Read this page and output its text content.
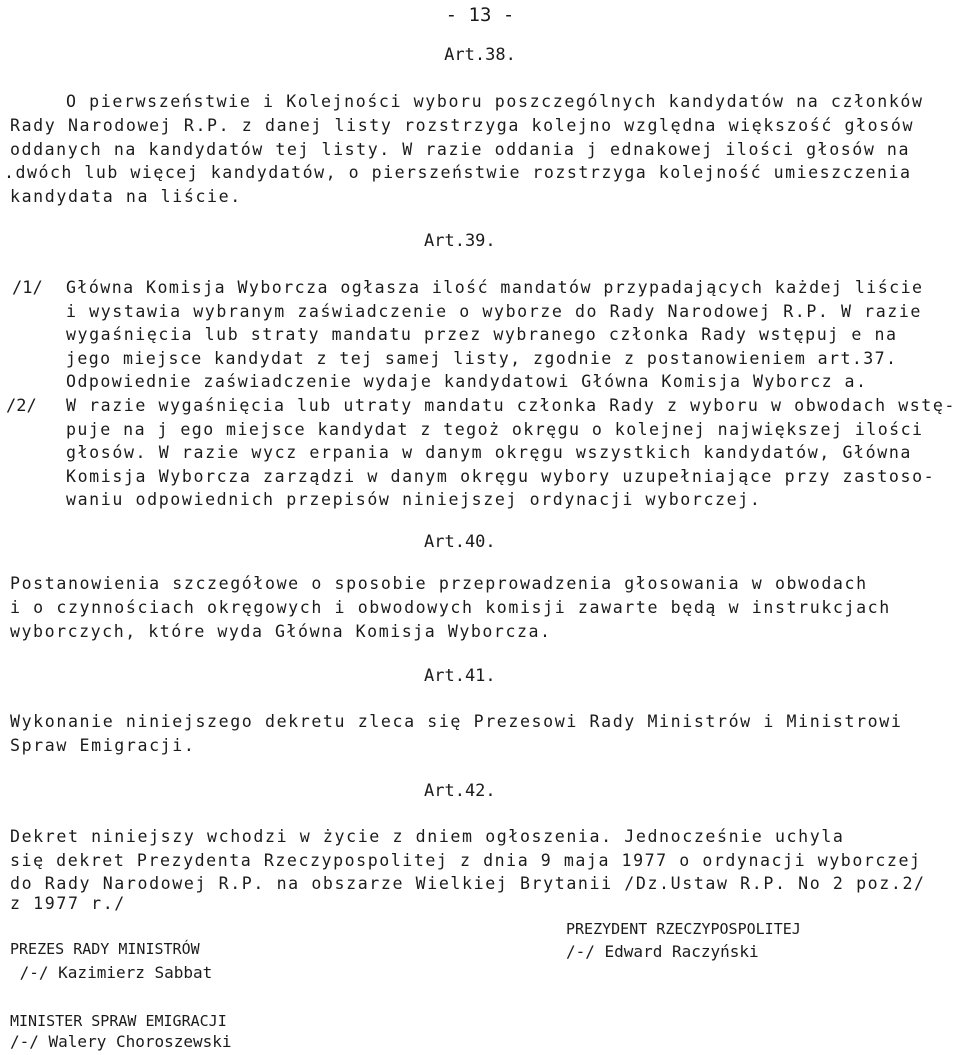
- 13 -
Art.38.
O pierwszeństwie i Kolejności wyboru poszczególnych kandydatów na członków
Rady Narodowej R.P. z danej listy rozstrzyga kolejno względna większość głosów
oddanych na kandydatów tej listy. W razie oddania j ednakowej ilości głosów na
.dwóch lub więcej kandydatów, o pierszeństwie rozstrzyga kolejność umieszczenia
kandydata na liście.
Art.39.
/1/ Główna Komisja Wyborcza ogłasza ilość mandatów przypadających każdej liście
i wystawia wybranym zaświadczenie o wyborze do Rady Narodowej R.P. W razie
wygaśnięcia lub straty mandatu przez wybranego członka Rady wstępuj e na
jego miejsce kandydat z tej samej listy, zgodnie z postanowieniem art.37.
Odpowiednie zaświadczenie wydaje kandydatowi Główna Komisja Wyborcz a.
/2/ W razie wygaśnięcia lub utraty mandatu członka Rady z wyboru w obwodach wstę-
puje na j ego miejsce kandydat z tegoż okręgu o kolejnej największej ilości
głosów. W razie wycz erpania w danym okręgu wszystkich kandydatów, Główna
Komisja Wyborcza zarządzi w danym okręgu wybory uzupełniające przy zastoso-
waniu odpowiednich przepisów niniejszej ordynacji wyborczej.
Art.40.
Postanowienia szczegółowe o sposobie przeprowadzenia głosowania w obwodach
i o czynnościach okręgowych i obwodowych komisji zawarte będą w instrukcjach
wyborczych, które wyda Główna Komisja Wyborcza.
Art.41.
Wykonanie niniejszego dekretu zleca się Prezesowi Rady Ministrów i Ministrowi
Spraw Emigracji.
Art.42.
Dekret niniejszy wchodzi w życie z dniem ogłoszenia. Jednocześnie uchyla
się dekret Prezydenta Rzeczypospolitej z dnia 9 maja 1977 o ordynacji wyborczej
do Rady Narodowej R.P. na obszarze Wielkiej Brytanii /Dz.Ustaw R.P. No 2 poz.2/
z 1977 r./
PREZYDENT RZECZYPOSPOLITEJ
/-/ Edward Raczyński
PREZES RADY MINISTRÓW
/-/ Kazimierz Sabbat
MINISTER SPRAW EMIGRACJI
/-/ Walery Choroszewski
